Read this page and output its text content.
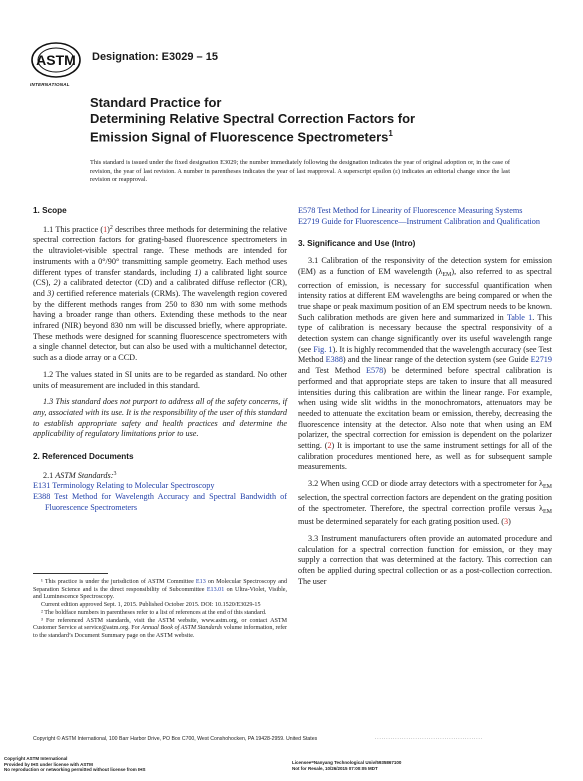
ASTM
INTERNATIONAL
Designation: E3029 – 15
Standard Practice for
Determining Relative Spectral Correction Factors for
Emission Signal of Fluorescence Spectrometers$^1$
This standard is issued under the fixed designation E3029; the number immediately following the designation indicates the year of original adoption or, in the case of revision, the year of last revision. A number in parentheses indicates the year of last reapproval. A superscript epsilon (ε) indicates an editorial change since the last revision or reapproval.
1. Scope

1.1 This practice $(1)^2$ describes three methods for determining the relative spectral correction factors for grating-based fluorescence spectrometers in the ultraviolet-visible spectral range. These methods are intended for instruments with a 0°/90° transmitting sample geometry. Each method uses different types of transfer standards, including 1) a calibrated light source (CS), 2) a calibrated detector (CD) and a calibrated diffuse reflector (CR), and 3) certified reference materials (CRMs). The wavelength region covered by the different methods ranges from 250 to 830 nm with some methods having a broader range than others. Extending these methods to the near infrared (NIR) beyond 830 nm will be discussed briefly, where appropriate. These methods were designed for scanning fluorescence spectrometers with a single channel detector, but can also be used with a multichannel detector, such as a diode array or a CCD.

1.2 The values stated in SI units are to be regarded as standard. No other units of measurement are included in this standard.

1.3 This standard does not purport to address all of the safety concerns, if any, associated with its use. It is the responsibility of the user of this standard to establish appropriate safety and health practices and determine the applicability of regulatory limitations prior to use.

2. Referenced Documents

2.1 ASTM Standards:$^3$

E131 Terminology Relating to Molecular Spectroscopy

E388 Test Method for Wavelength Accuracy and Spectral Bandwidth of Fluorescence Spectrometers

¹ This practice is under the jurisdiction of ASTM Committee E13 on Molecular Spectroscopy and Separation Science and is the direct responsibility of Subcommittee E13.01 on Ultra-Violet, Visible, and Luminescence Spectroscopy.

Current edition approved Sept. 1, 2015. Published October 2015. DOI: 10.1520/E3029-15

² The boldface numbers in parentheses refer to a list of references at the end of this standard.

³ For referenced ASTM standards, visit the ASTM website, www.astm.org, or contact ASTM Customer Service at service@astm.org. For Annual Book of ASTM Standards volume information, refer to the standard’s Document Summary page on the ASTM website.

E578 Test Method for Linearity of Fluorescence Measuring Systems

E2719 Guide for Fluorescence—Instrument Calibration and Qualification

3. Significance and Use (Intro)

3.1 Calibration of the responsivity of the detection system for emission (EM) as a function of EM wavelength $(\lambda_{EM})$, also referred to as spectral correction of emission, is necessary for successful quantification when intensity ratios at different EM wavelengths are being compared or when the true shape or peak maximum position of an EM spectrum needs to be known. Such calibration methods are given here and summarized in Table 1. This type of calibration is necessary because the spectral responsivity of a detection system can change significantly over its useful wavelength range (see Fig. 1). It is highly recommended that the wavelength accuracy (see Test Method E388) and the linear range of the detection system (see Guide E2719 and Test Method E578) be determined before spectral calibration is performed and that appropriate steps are taken to insure that all measured intensities during this calibration are within the linear range. For example, when using wide slit widths in the monochromators, attenuators may be needed to attenuate the excitation beam or emission, thereby, decreasing the fluorescence intensity at the detector. Also note that when using an EM polarizer, the spectral correction for emission is dependent on the polarizer setting. (2) It is important to use the same instrument settings for all of the calibration procedures mentioned here, as well as for subsequent sample measurements.

3.2 When using CCD or diode array detectors with a spectrometer for $\lambda_{EM}$ selection, the spectral correction factors are dependent on the grating position of the spectrometer. Therefore, the spectral correction profile versus $\lambda_{EM}$ must be determined separately for each grating position used. (3)

3.3 Instrument manufacturers often provide an automated procedure and calculation for a spectral correction function for emission, or they may supply a correction that was determined at the factory. This correction can often be applied during spectral collection or as a post-collection correction. The user

Copyright © ASTM International, 100 Barr Harbor Drive, PO Box C700, West Conshohocken, PA 19428-2959. United States	................................................
Copyright ASTM International
Provided by IHS under license with ASTM
No reproduction or networking permitted without license from IHS
Licensee=Nanyang Technological Univ/5935867100
Not for Resale, 10/26/2015 07:00:05 MDT
